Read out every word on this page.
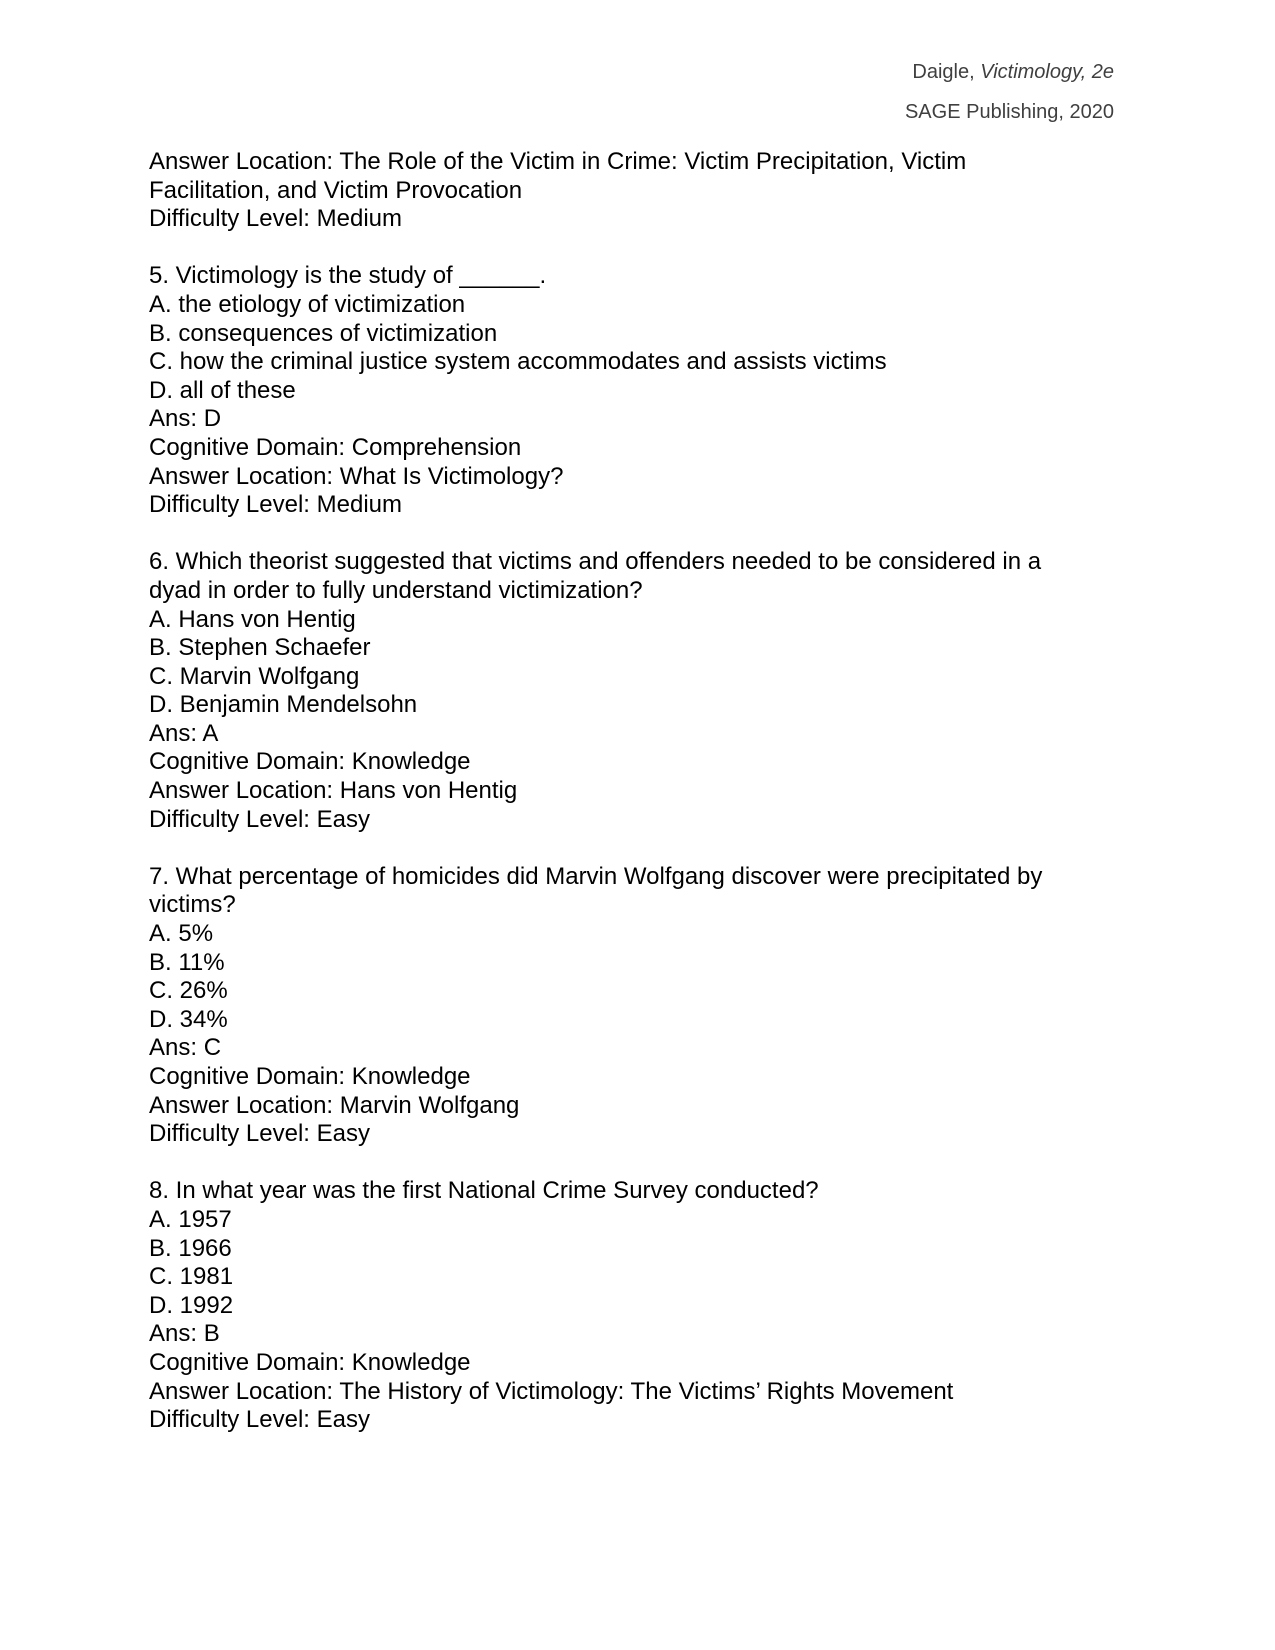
Daigle, Victimology, 2e
SAGE Publishing, 2020
Answer Location: The Role of the Victim in Crime: Victim Precipitation, Victim
Facilitation, and Victim Provocation
Difficulty Level: Medium
5. Victimology is the study of ______.
A. the etiology of victimization
B. consequences of victimization
C. how the criminal justice system accommodates and assists victims
D. all of these
Ans: D
Cognitive Domain: Comprehension
Answer Location: What Is Victimology?
Difficulty Level: Medium
6. Which theorist suggested that victims and offenders needed to be considered in a
dyad in order to fully understand victimization?
A. Hans von Hentig
B. Stephen Schaefer
C. Marvin Wolfgang
D. Benjamin Mendelsohn
Ans: A
Cognitive Domain: Knowledge
Answer Location: Hans von Hentig
Difficulty Level: Easy
7. What percentage of homicides did Marvin Wolfgang discover were precipitated by
victims?
A. 5%
B. 11%
C. 26%
D. 34%
Ans: C
Cognitive Domain: Knowledge
Answer Location: Marvin Wolfgang
Difficulty Level: Easy
8. In what year was the first National Crime Survey conducted?
A. 1957
B. 1966
C. 1981
D. 1992
Ans: B
Cognitive Domain: Knowledge
Answer Location: The History of Victimology: The Victims’ Rights Movement
Difficulty Level: Easy
